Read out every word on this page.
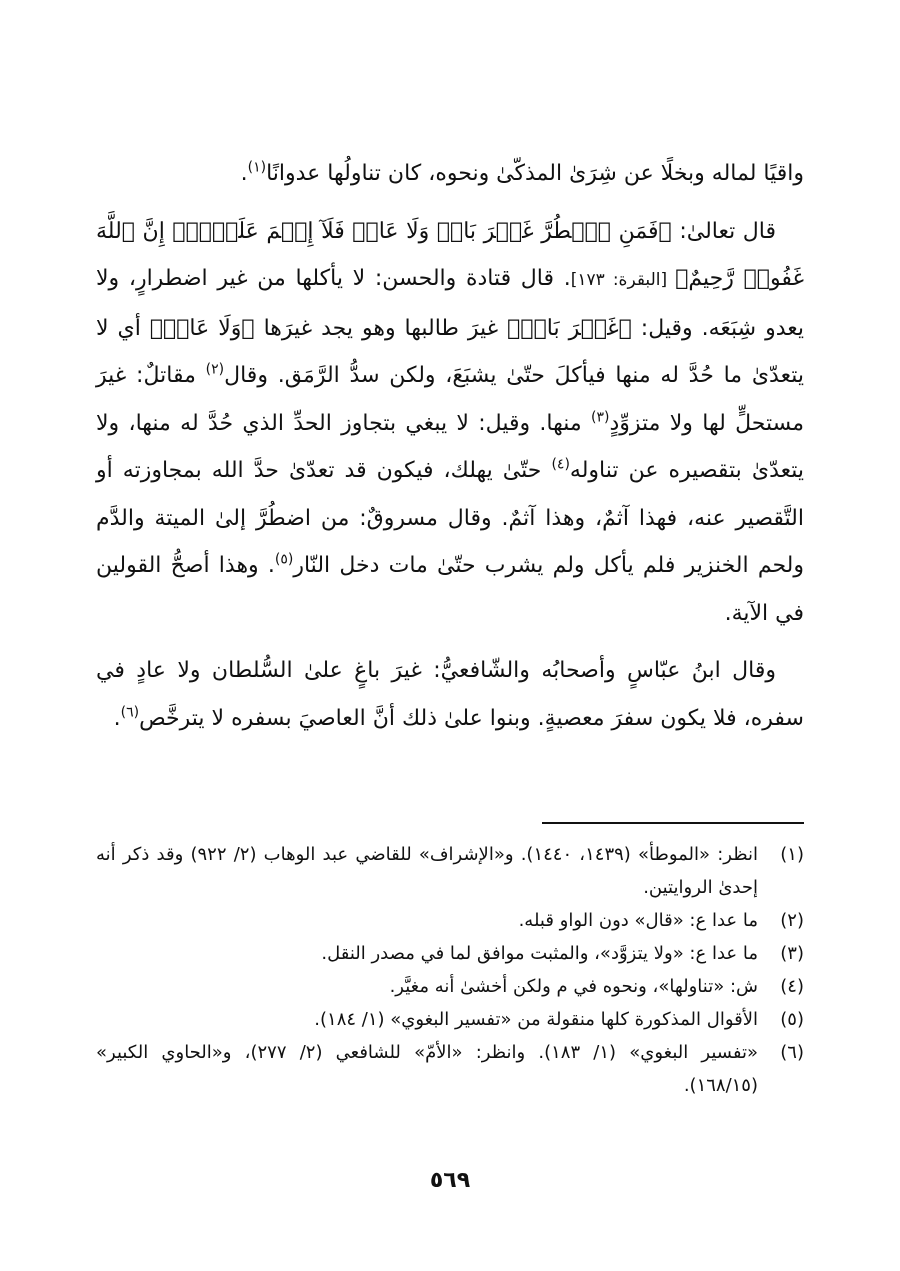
واقيًا لماله وبخلًا عن شِرَىٰ المذكّىٰ ونحوه، كان تناولُها عدوانًا$^{(١)}$.

قال تعالىٰ: ﴿فَمَنِ ٱضۡطُرَّ غَيۡرَ بَاغٖ وَلَا عَادٖ فَلَآ إِثۡمَ عَلَيۡهِۚ إِنَّ ٱللَّهَ غَفُورٞ رَّحِيمٌ﴾ [البقرة: ١٧٣]. قال قتادة والحسن: لا يأكلها من غير اضطرارٍ، ولا يعدو شِبَعَه. وقيل: ﴿غَيۡرَ بَاغٖ﴾ غيرَ طالبها وهو يجد غيرَها ﴿وَلَا عَادٖ﴾ أي لا يتعدّىٰ ما حُدَّ له منها فيأكلَ حتّىٰ يشبَعَ، ولكن سدُّ الرَّمَق. وقال$^{(٢)}$ مقاتلٌ: غيرَ مستحلٍّ لها ولا متزوِّدٍ$^{(٣)}$ منها. وقيل: لا يبغي بتجاوز الحدِّ الذي حُدَّ له منها، ولا يتعدّىٰ بتقصيره عن تناوله$^{(٤)}$ حتّىٰ يهلك، فيكون قد تعدّىٰ حدَّ الله بمجاوزته أو التَّقصير عنه، فهذا آثمٌ، وهذا آثمٌ. وقال مسروقٌ: من اضطُرَّ إلىٰ الميتة والدَّم ولحم الخنزير فلم يأكل ولم يشرب حتّىٰ مات دخل النّار$^{(٥)}$. وهذا أصحُّ القولين في الآية.

وقال ابنُ عبّاسٍ وأصحابُه والشّافعيُّ: غيرَ باغٍ علىٰ السُّلطان ولا عادٍ في سفره، فلا يكون سفرَ معصيةٍ. وبنوا علىٰ ذلك أنَّ العاصيَ بسفره لا يترخَّص$^{(٦)}$.

(١)
انظر: «الموطأ» (١٤٣٩، ١٤٤٠). و«الإشراف» للقاضي عبد الوهاب (٢/ ٩٢٢) وقد ذكر أنه إحدىٰ الروايتين.
(٢)
ما عدا ع: «قال» دون الواو قبله.
(٣)
ما عدا ع: «ولا يتزوَّد»، والمثبت موافق لما في مصدر النقل.
(٤)
ش: «تناولها»، ونحوه في م ولكن أخشىٰ أنه مغيَّر.
(٥)
الأقوال المذكورة كلها منقولة من «تفسير البغوي» (١/ ١٨٤).
(٦)
«تفسير البغوي» (١/ ١٨٣). وانظر: «الأمّ» للشافعي (٢/ ٢٧٧)، و«الحاوي الكبير» (١٦٨/١٥).
٥٦٩
